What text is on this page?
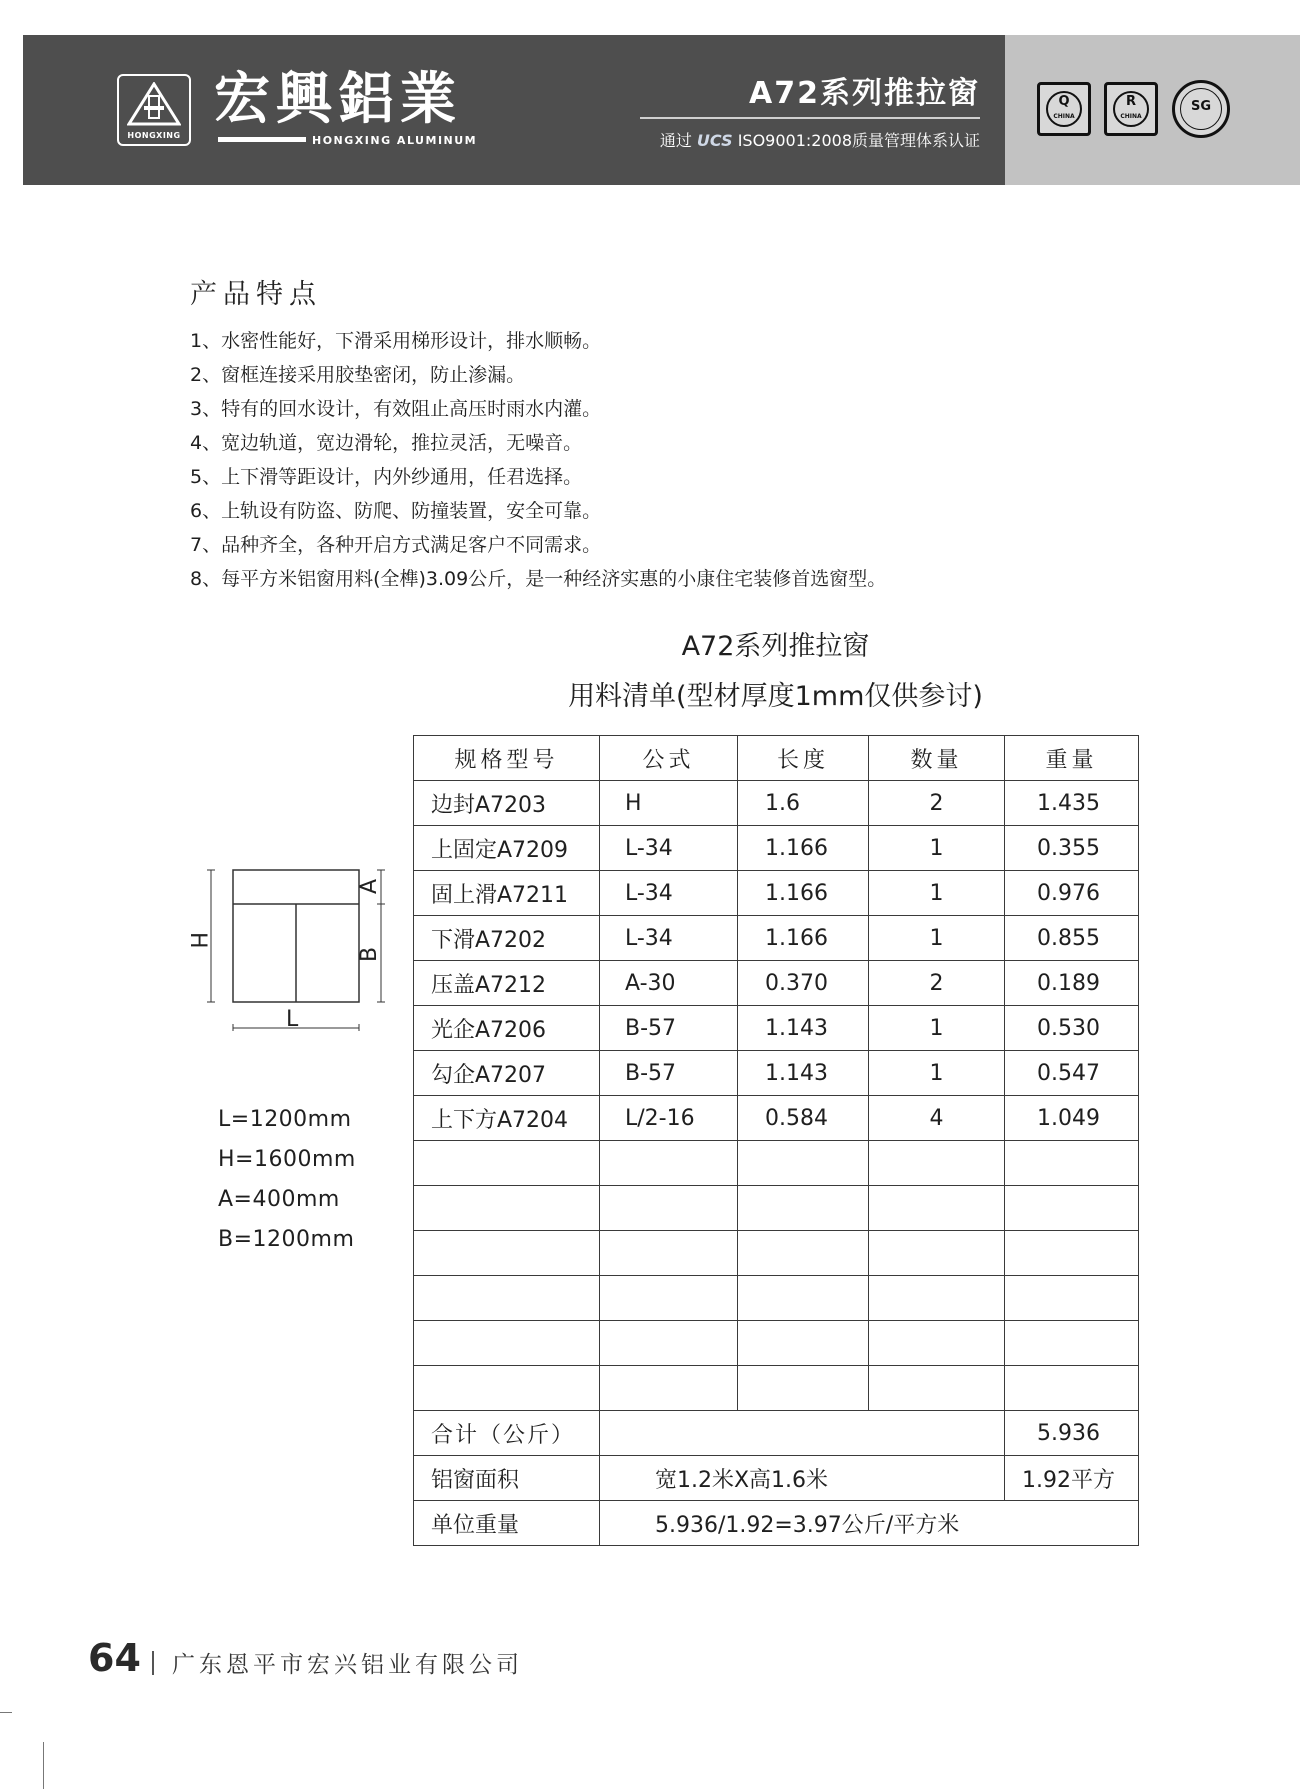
HONGXING
宏興鋁業
HONGXING ALUMINUM
A72系列推拉窗
通过 UCS ISO9001:2008质量管理体系认证
Q
CHINA
R
CHINA
SG
产品特点
1、水密性能好，下滑采用梯形设计，排水顺畅。
2、窗框连接采用胶垫密闭，防止渗漏。
3、特有的回水设计，有效阻止高压时雨水内灌。
4、宽边轨道，宽边滑轮，推拉灵活，无噪音。
5、上下滑等距设计，内外纱通用，任君选择。
6、上轨设有防盗、防爬、防撞装置，安全可靠。
7、品种齐全，各种开启方式满足客户不同需求。
8、每平方米铝窗用料(全榫)3.09公斤，是一种经济实惠的小康住宅装修首选窗型。
A72系列推拉窗
用料清单(型材厚度1mm仅供参讨)
规格型号	公式	长度	数量	重量
边封A7203	H	1.6	2	1.435
上固定A7209	L-34	1.166	1	0.355
固上滑A7211	L-34	1.166	1	0.976
下滑A7202	L-34	1.166	1	0.855
压盖A7212	A-30	0.370	2	0.189
光企A7206	B-57	1.143	1	0.530
勾企A7207	B-57	1.143	1	0.547
上下方A7204	L/2-16	0.584	4	1.049

合计（公斤）				5.936
铝窗面积	宽1.2米X高1.6米			1.92平方
单位重量	5.936/1.92=3.97公斤/平方米			
H
A
B
L
L=1200mm
H=1600mm
A=400mm
B=1200mm
64 广东恩平市宏兴铝业有限公司
